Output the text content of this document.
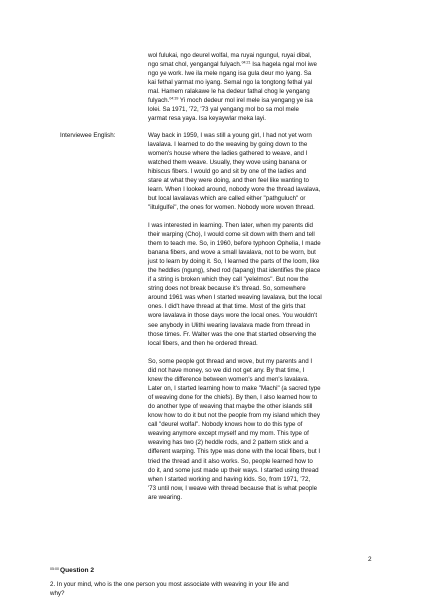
wol fulukai, ngo deurel wolfal, ma ruyai ngungul, ruyai dibal,
ngo smat chol, yengangal fulyach.$^{04:21}$ Isa hagela ngal mol iwe
ngo ye work. Iwe ila mele ngang isa gula deur mo iyang. Sa
kai fethal yarmat mo iyang. Semal ngo la tongtong fethal yal
mal. Hamem ralakawe le ha dedeur fathal chog le yengang
fulyach.$^{04:39}$ Yi moch dedeur mol irel mele isa yengang ye isa
lolei. Sa 1971, '72, '73 yal yengang mol bo sa mol mele
yarmat resa yaya. Isa keyaywlar meka layi.
Interviewee English:	Way back in 1959, I was still a young girl, I had not yet worn
lavalava. I learned to do the weaving by going down to the
women's house where the ladies gathered to weave, and I
watched them weave. Usually, they wove using banana or
hibiscus fibers. I would go and sit by one of the ladies and
stare at what they were doing, and then feel like wanting to
learn. When I looked around, nobody wore the thread lavalava,
but local lavalavas which are called either "pathguluch" or
"iltulgulfei", the ones for women. Nobody wore woven thread.
I was interested in learning. Then later, when my parents did
their warping (Cho), I would come sit down with them and tell
them to teach me. So, in 1960, before typhoon Ophelia, I made
banana fibers, and wove a small lavalava, not to be worn, but
just to learn by doing it. So, I learned the parts of the loom, like
the heddles (ngung), shed rod (tapang) that identifies the place
if a string is broken which they call "yelelmos". But now the
string does not break because it's thread. So, somewhere
around 1961 was when I started weaving lavalava, but the local
ones. I did't have thread at that time. Most of the girls that
wore lavalava in those days wore the local ones. You wouldn't
see anybody in Ulithi wearing lavalava made from thread in
those times. Fr. Walter was the one that started observing the
local fibers, and then he ordered thread.
So, some people got thread and wove, but my parents and I
did not have money, so we did not get any. By that time, I
knew the difference between women's and men's lavalava.
Later on, I started learning how to make "Machi" (a sacred type
of weaving done for the chiefs). By then, I also learned how to
do another type of weaving that maybe the other islands still
know how to do it but not the people from my island which they
call "deurel wolfal". Nobody knows how to do this type of
weaving anymore except myself and my mom. This type of
weaving has two (2) heddle rods, and 2 pattern stick and a
different warping. This type was done with the local fibers, but I
tried the thread and it also works. So, people learned how to
do it, and some just made up their ways. I started using thread
when I started working and having kids. So, from 1971, '72,
'73 until now, I weave with thread because that is what people
are wearing.
$^{05:00}$Question 2
2. In your mind, who is the one person you most associate with weaving in your life and
why?
2
